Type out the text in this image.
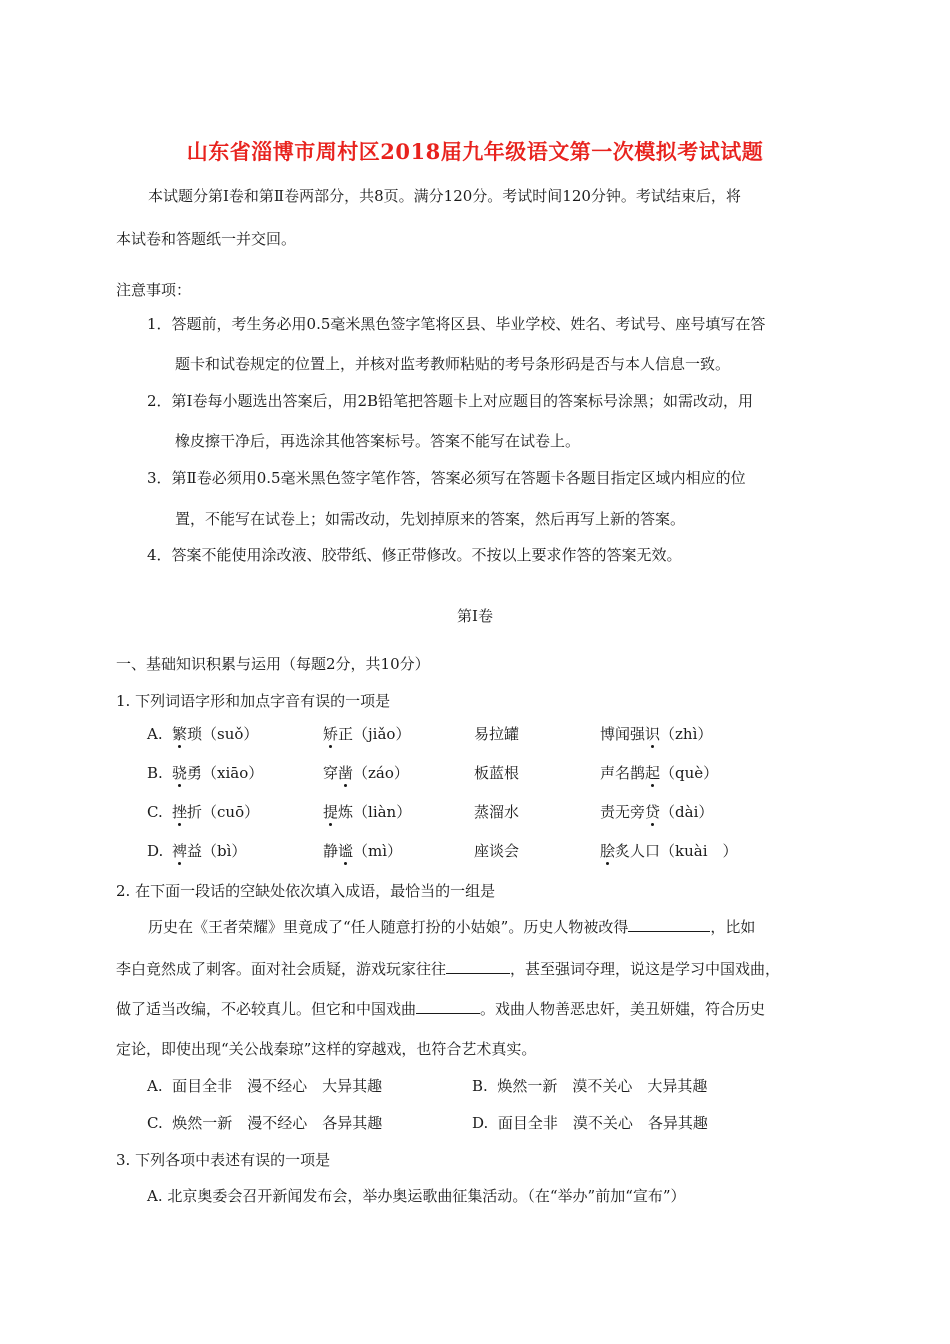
山东省淄博市周村区2018届九年级语文第一次模拟考试试题
本试题分第Ⅰ卷和第Ⅱ卷两部分，共8页。满分120分。考试时间120分钟。考试结束后，将
本试卷和答题纸一并交回。
注意事项：
1．答题前，考生务必用0.5毫米黑色签字笔将区县、毕业学校、姓名、考试号、座号填写在答
题卡和试卷规定的位置上，并核对监考教师粘贴的考号条形码是否与本人信息一致。
2．第Ⅰ卷每小题选出答案后，用2B铅笔把答题卡上对应题目的答案标号涂黑；如需改动，用
橡皮擦干净后，再选涂其他答案标号。答案不能写在试卷上。
3．第Ⅱ卷必须用0.5毫米黑色签字笔作答，答案必须写在答题卡各题目指定区域内相应的位
置，不能写在试卷上；如需改动，先划掉原来的答案，然后再写上新的答案。
4．答案不能使用涂改液、胶带纸、修正带修改。不按以上要求作答的答案无效。
第Ⅰ卷
一、基础知识积累与运用（每题2分，共10分）
1. 下列词语字形和加点字音有误的一项是
A. 繁琐（suǒ）	矫正（jiǎo）	易拉罐	博闻强识（zhì）
B. 骁勇（xiāo）	穿凿（záo）	板蓝根	声名鹊起（què）
C. 挫折（cuō）	提炼（liàn）	蒸溜水	责无旁贷（dài）
D. 裨益（bì）	静谧（mì）	座谈会	脍炙人口（kuài　）
2. 在下面一段话的空缺处依次填入成语，最恰当的一组是
历史在《王者荣耀》里竟成了“任人随意打扮的小姑娘”。历史人物被改得	，比如
李白竟然成了刺客。面对社会质疑，游戏玩家往往	，甚至强词夺理，说这是学习中国戏曲，
做了适当改编，不必较真儿。但它和中国戏曲	。戏曲人物善恶忠奸，美丑妍媸，符合历史
定论，即使出现“关公战秦琼”这样的穿越戏，也符合艺术真实。
A. 面目全非　漫不经心　大异其趣	B. 焕然一新　漠不关心　大异其趣
C. 焕然一新　漫不经心　各异其趣	D. 面目全非　漠不关心　各异其趣
3. 下列各项中表述有误的一项是
A. 北京奥委会召开新闻发布会，举办奥运歌曲征集活动。（在“举办”前加“宣布”）
